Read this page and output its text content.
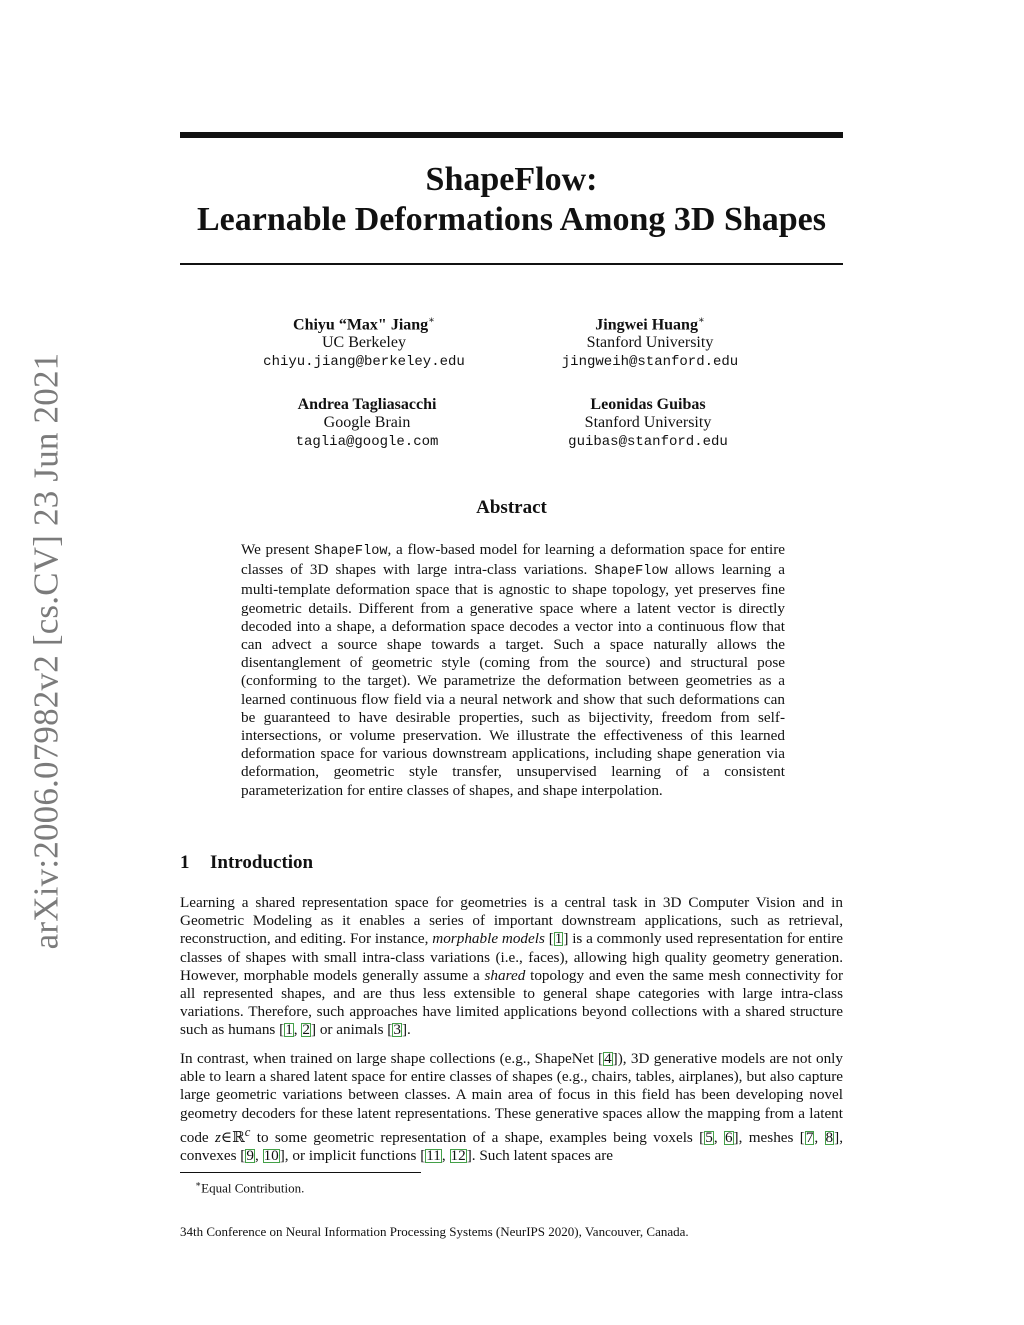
arXiv:2006.07982v2 [cs.CV] 23 Jun 2021
ShapeFlow:
Learnable Deformations Among 3D Shapes
Chiyu “Max" Jiang∗
UC Berkeley
chiyu.jiang@berkeley.edu
Jingwei Huang∗
Stanford University
jingweih@stanford.edu
Andrea Tagliasacchi
Google Brain
taglia@google.com
Leonidas Guibas
Stanford University
guibas@stanford.edu
Abstract

We present ShapeFlow, a flow-based model for learning a deformation space for entire classes of 3D shapes with large intra-class variations. ShapeFlow allows learning a multi-template deformation space that is agnostic to shape topology, yet preserves fine geometric details. Different from a generative space where a latent vector is directly decoded into a shape, a deformation space decodes a vector into a continuous flow that can advect a source shape towards a target. Such a space naturally allows the disentanglement of geometric style (coming from the source) and structural pose (conforming to the target). We parametrize the deformation between geometries as a learned continuous flow field via a neural network and show that such deformations can be guaranteed to have desirable properties, such as bijectivity, freedom from self-intersections, or volume preservation. We illustrate the effectiveness of this learned deformation space for various downstream applications, including shape generation via deformation, geometric style transfer, unsupervised learning of a consistent parameterization for entire classes of shapes, and shape interpolation.

1 Introduction

Learning a shared representation space for geometries is a central task in 3D Computer Vision and in Geometric Modeling as it enables a series of important downstream applications, such as retrieval, reconstruction, and editing. For instance, morphable models [1] is a commonly used representation for entire classes of shapes with small intra-class variations (i.e., faces), allowing high quality geometry generation. However, morphable models generally assume a shared topology and even the same mesh connectivity for all represented shapes, and are thus less extensible to general shape categories with large intra-class variations. Therefore, such approaches have limited applications beyond collections with a shared structure such as humans [1, 2] or animals [3].

In contrast, when trained on large shape collections (e.g., ShapeNet [4]), 3D generative models are not only able to learn a shared latent space for entire classes of shapes (e.g., chairs, tables, airplanes), but also capture large geometric variations between classes. A main area of focus in this field has been developing novel geometry decoders for these latent representations. These generative spaces allow the mapping from a latent code z∈ℝ$^c$ to some geometric representation of a shape, examples being voxels [5, 6], meshes [7, 8], convexes [9, 10], or implicit functions [11, 12]. Such latent spaces are

∗Equal Contribution.
34th Conference on Neural Information Processing Systems (NeurIPS 2020), Vancouver, Canada.
